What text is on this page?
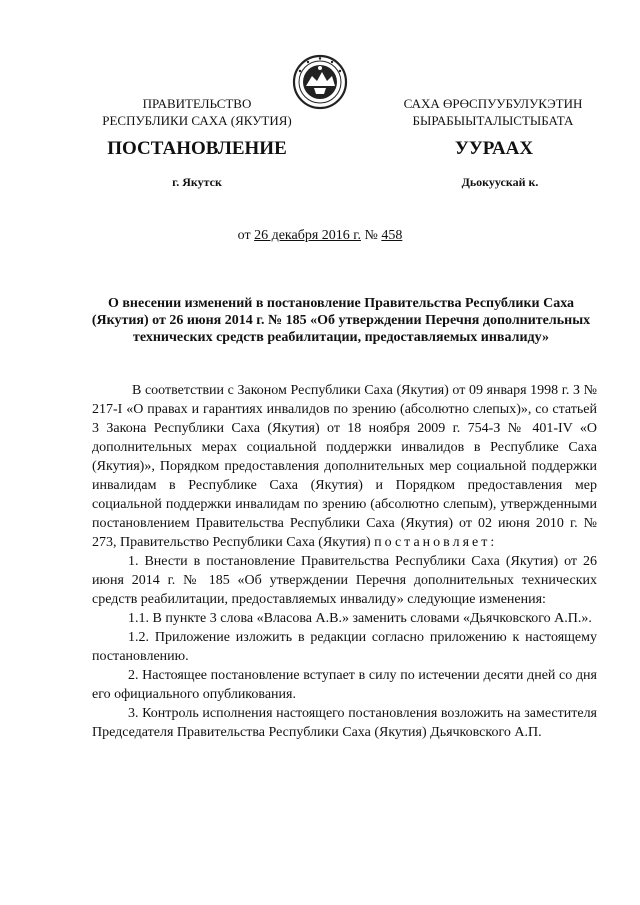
ПРАВИТЕЛЬСТВО
РЕСПУБЛИКИ САХА (ЯКУТИЯ)
САХА ӨРӨСПУУБУЛУКЭТИН
БЫРАБЫЫТАЛЫСТЫБАТА
ПОСТАНОВЛЕНИЕ	УУРААХ
г. Якутск	Дьокуускай к.
от 26 декабря 2016 г. № 458
О внесении изменений в постановление Правительства Республики Саха (Якутия) от 26 июня 2014 г. № 185 «Об утверждении Перечня дополнительных технических средств реабилитации, предоставляемых инвалиду»

В соответствии с Законом Республики Саха (Якутия) от 09 января 1998 г. З № 217-I «О правах и гарантиях инвалидов по зрению (абсолютно слепых)», со статьей 3 Закона Республики Саха (Якутия) от 18 ноября 2009 г. 754-З № 401-IV «О дополнительных мерах социальной поддержки инвалидов в Республике Саха (Якутия)», Порядком предоставления дополнительных мер социальной поддержки инвалидам в Республике Саха (Якутия) и Порядком предоставления мер социальной поддержки инвалидам по зрению (абсолютно слепым), утвержденными постановлением Правительства Республики Саха (Якутия) от 02 июня 2010 г. № 273, Правительство Республики Саха (Якутия) постановляет:

1. Внести в постановление Правительства Республики Саха (Якутия) от 26 июня 2014 г. № 185 «Об утверждении Перечня дополнительных технических средств реабилитации, предоставляемых инвалиду» следующие изменения:

1.1. В пункте 3 слова «Власова А.В.» заменить словами «Дьячковского А.П.».

1.2. Приложение изложить в редакции согласно приложению к настоящему постановлению.

2. Настоящее постановление вступает в силу по истечении десяти дней со дня его официального опубликования.

3. Контроль исполнения настоящего постановления возложить на заместителя Председателя Правительства Республики Саха (Якутия) Дьячковского А.П.
